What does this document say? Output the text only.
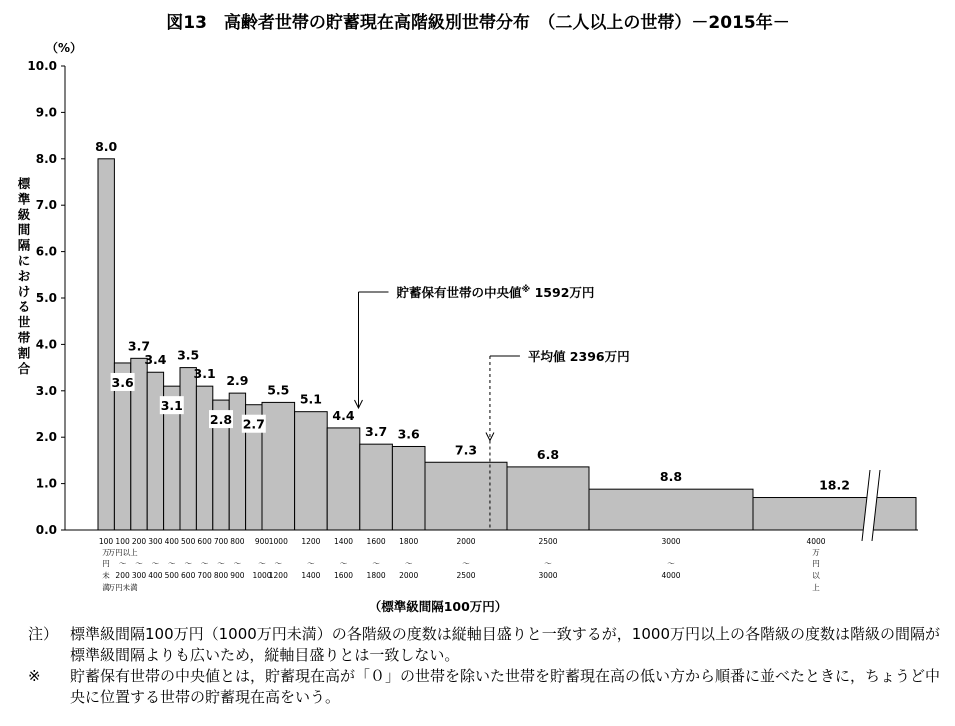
図13　高齢者世帯の貯蓄現在高階級別世帯分布　（二人以上の世帯）－2015年－
（%）
標準級間隔における世帯割合
0.0
1.0
2.0
3.0
4.0
5.0
6.0
7.0
8.0
9.0
10.0
8.0
3.6
3.7
3.4
3.1
3.5
3.1
2.8
2.9
2.7
5.5
5.1
4.4
3.7 3.6
7.3	6.8
8.8
18.2
貯蓄保有世帯の中央値※ 1592万円
平均値 2396万円
100
万
円
未
満
100
万円以上
～
200
万円未満
200
～
300
300
～
400
400
～
500
500
～
600
600
～
700
700
～
800
800
～
900
900
～
1000
1000
～
1200
1200
～
1400
1400
～
1600
1600
～
1800
1800
～
2000
2000
～
2500
2500
～
3000
3000
～
4000
4000
万
円
以
上
（標準級間隔100万円）
注） 標準級間隔100万円（1000万円未満）の各階級の度数は縦軸目盛りと一致するが，1000万円以上の各階級の度数は階級の間隔が標準級間隔よりも広いため，縦軸目盛りとは一致しない。
※	貯蓄保有世帯の中央値とは，貯蓄現在高が「０」の世帯を除いた世帯を貯蓄現在高の低い方から順番に並べたときに，ちょうど中央に位置する世帯の貯蓄現在高をいう。
